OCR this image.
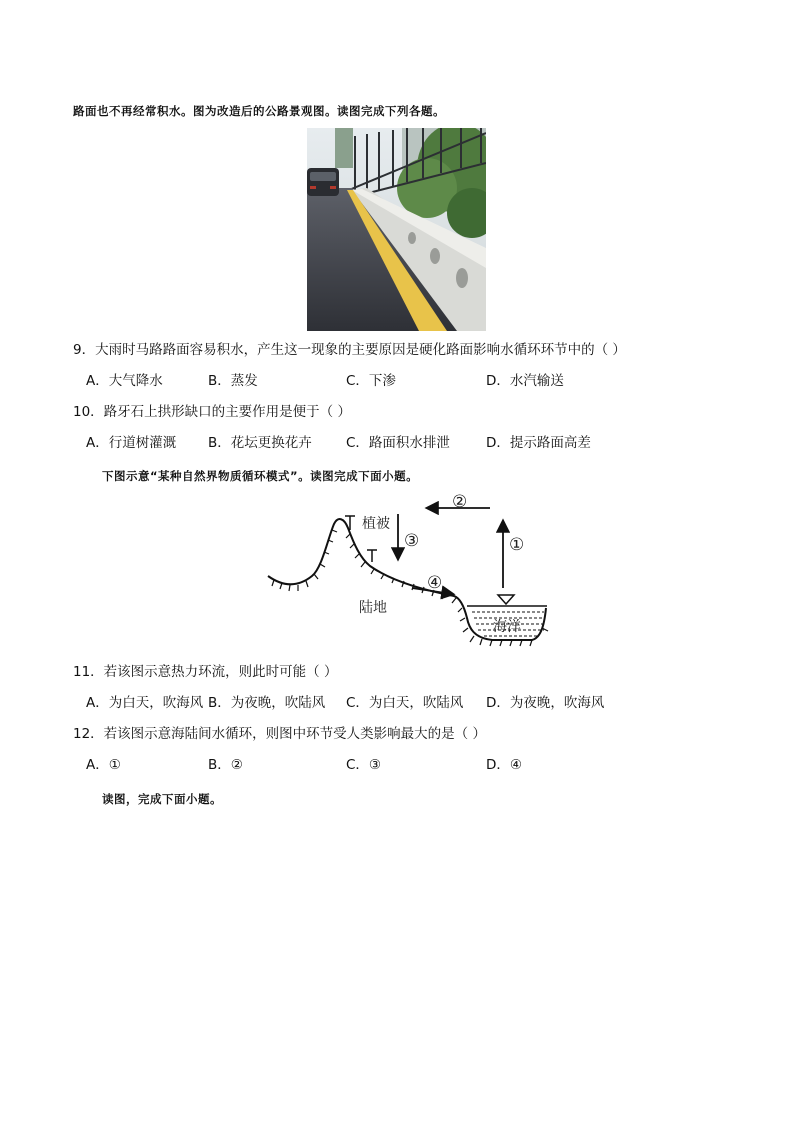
路面也不再经常积水。图为改造后的公路景观图。读图完成下列各题。
9．大雨时马路路面容易积水，产生这一现象的主要原因是硬化路面影响水循环环节中的（ ）
A．大气降水	B．蒸发	C．下渗	D．水汽输送
10．路牙石上拱形缺口的主要作用是便于（ ）
A．行道树灌溉 B．花坛更换花卉	C．路面积水排泄	D．提示路面高差
下图示意“某种自然界物质循环模式”。读图完成下面小题。
植被
陆地
海洋
①
②
③
④
11．若该图示意热力环流，则此时可能（ ）
A．为白天，吹海风 B．为夜晚，吹陆风 C．为白天，吹陆风 D．为夜晚，吹海风
12．若该图示意海陆间水循环，则图中环节受人类影响最大的是（ ）
A．①	B．②	C．③	D．④
读图，完成下面小题。
